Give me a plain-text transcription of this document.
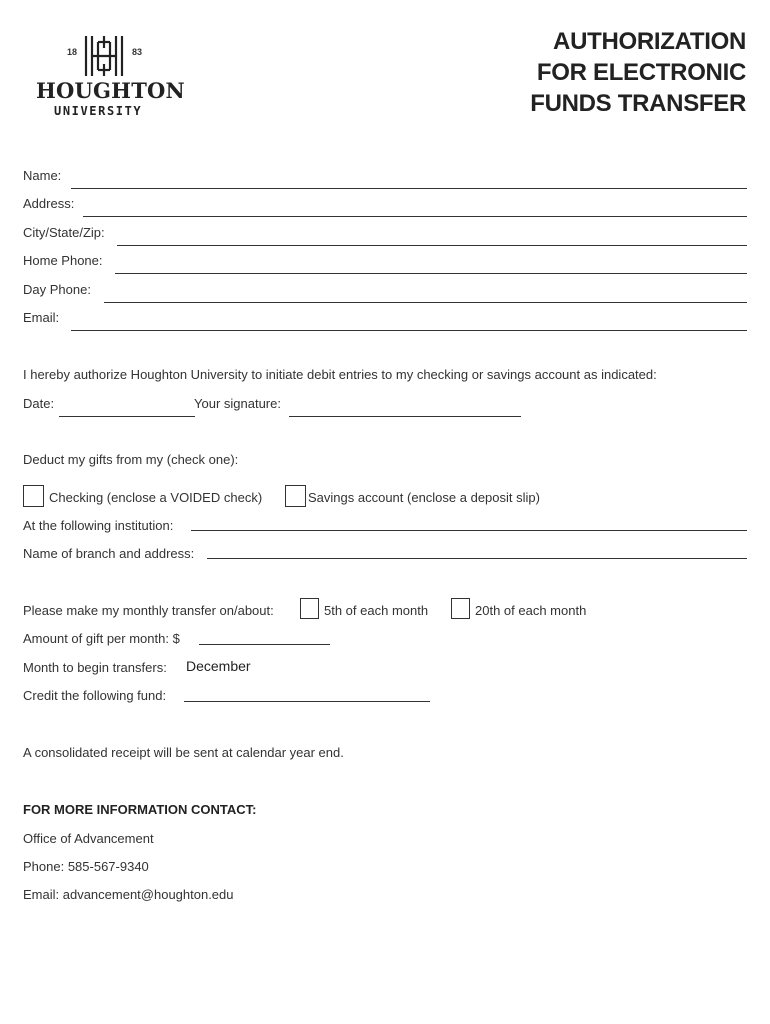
18	83
HOUGHTON
UNIVERSITY
AUTHORIZATION
FOR ELECTRONIC
FUNDS TRANSFER
Name:
Address:
City/State/Zip:
Home Phone:
Day Phone:
Email:
I hereby authorize Houghton University to initiate debit entries to my checking or savings account as indicated:
Date:	Your signature:
Deduct my gifts from my (check one):
Checking (enclose a VOIDED check)	Savings account (enclose a deposit slip)
At the following institution:
Name of branch and address:
Please make my monthly transfer on/about:	5th of each month	20th of each month
Amount of gift per month: $
Month to begin transfers: December
Credit the following fund:
A consolidated receipt will be sent at calendar year end.
FOR MORE INFORMATION CONTACT:
Office of Advancement
Phone: 585-567-9340
Email: advancement@houghton.edu
